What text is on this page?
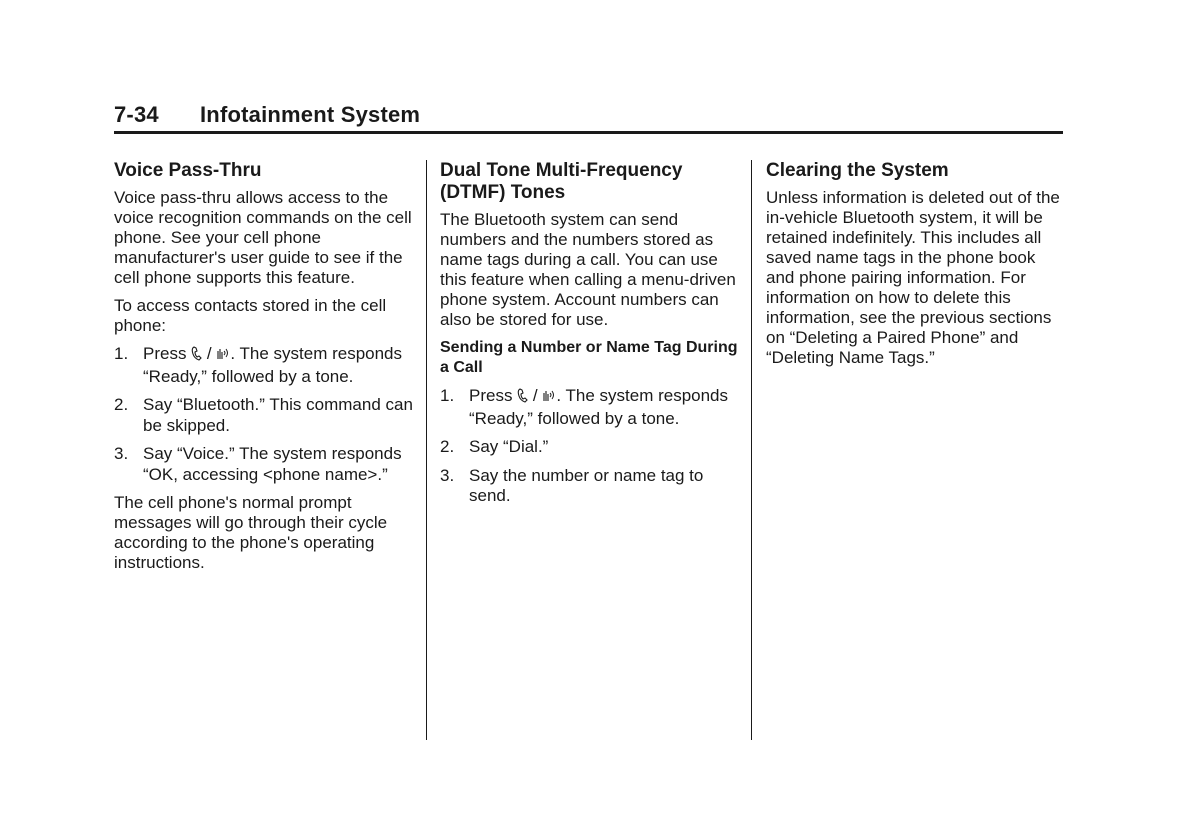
7-34 Infotainment System
Voice Pass-Thru

Voice pass-thru allows access to the voice recognition commands on the cell phone. See your cell phone manufacturer's user guide to see if the cell phone supports this feature.

To access contacts stored in the cell phone:

1. Press  / . The system responds “Ready,” followed by a tone.
2. Say “Bluetooth.” This command can be skipped.
3. Say “Voice.” The system responds “OK, accessing <phone name>.”

The cell phone's normal prompt messages will go through their cycle according to the phone's operating instructions.

Dual Tone Multi-Frequency (DTMF) Tones

The Bluetooth system can send numbers and the numbers stored as name tags during a call. You can use this feature when calling a menu-driven phone system. Account numbers can also be stored for use.

Sending a Number or Name Tag During a Call
1. Press  / . The system responds “Ready,” followed by a tone.
2. Say “Dial.”
3. Say the number or name tag to send.
Clearing the System

Unless information is deleted out of the in-vehicle Bluetooth system, it will be retained indefinitely. This includes all saved name tags in the phone book and phone pairing information. For information on how to delete this information, see the previous sections on “Deleting a Paired Phone” and “Deleting Name Tags.”
